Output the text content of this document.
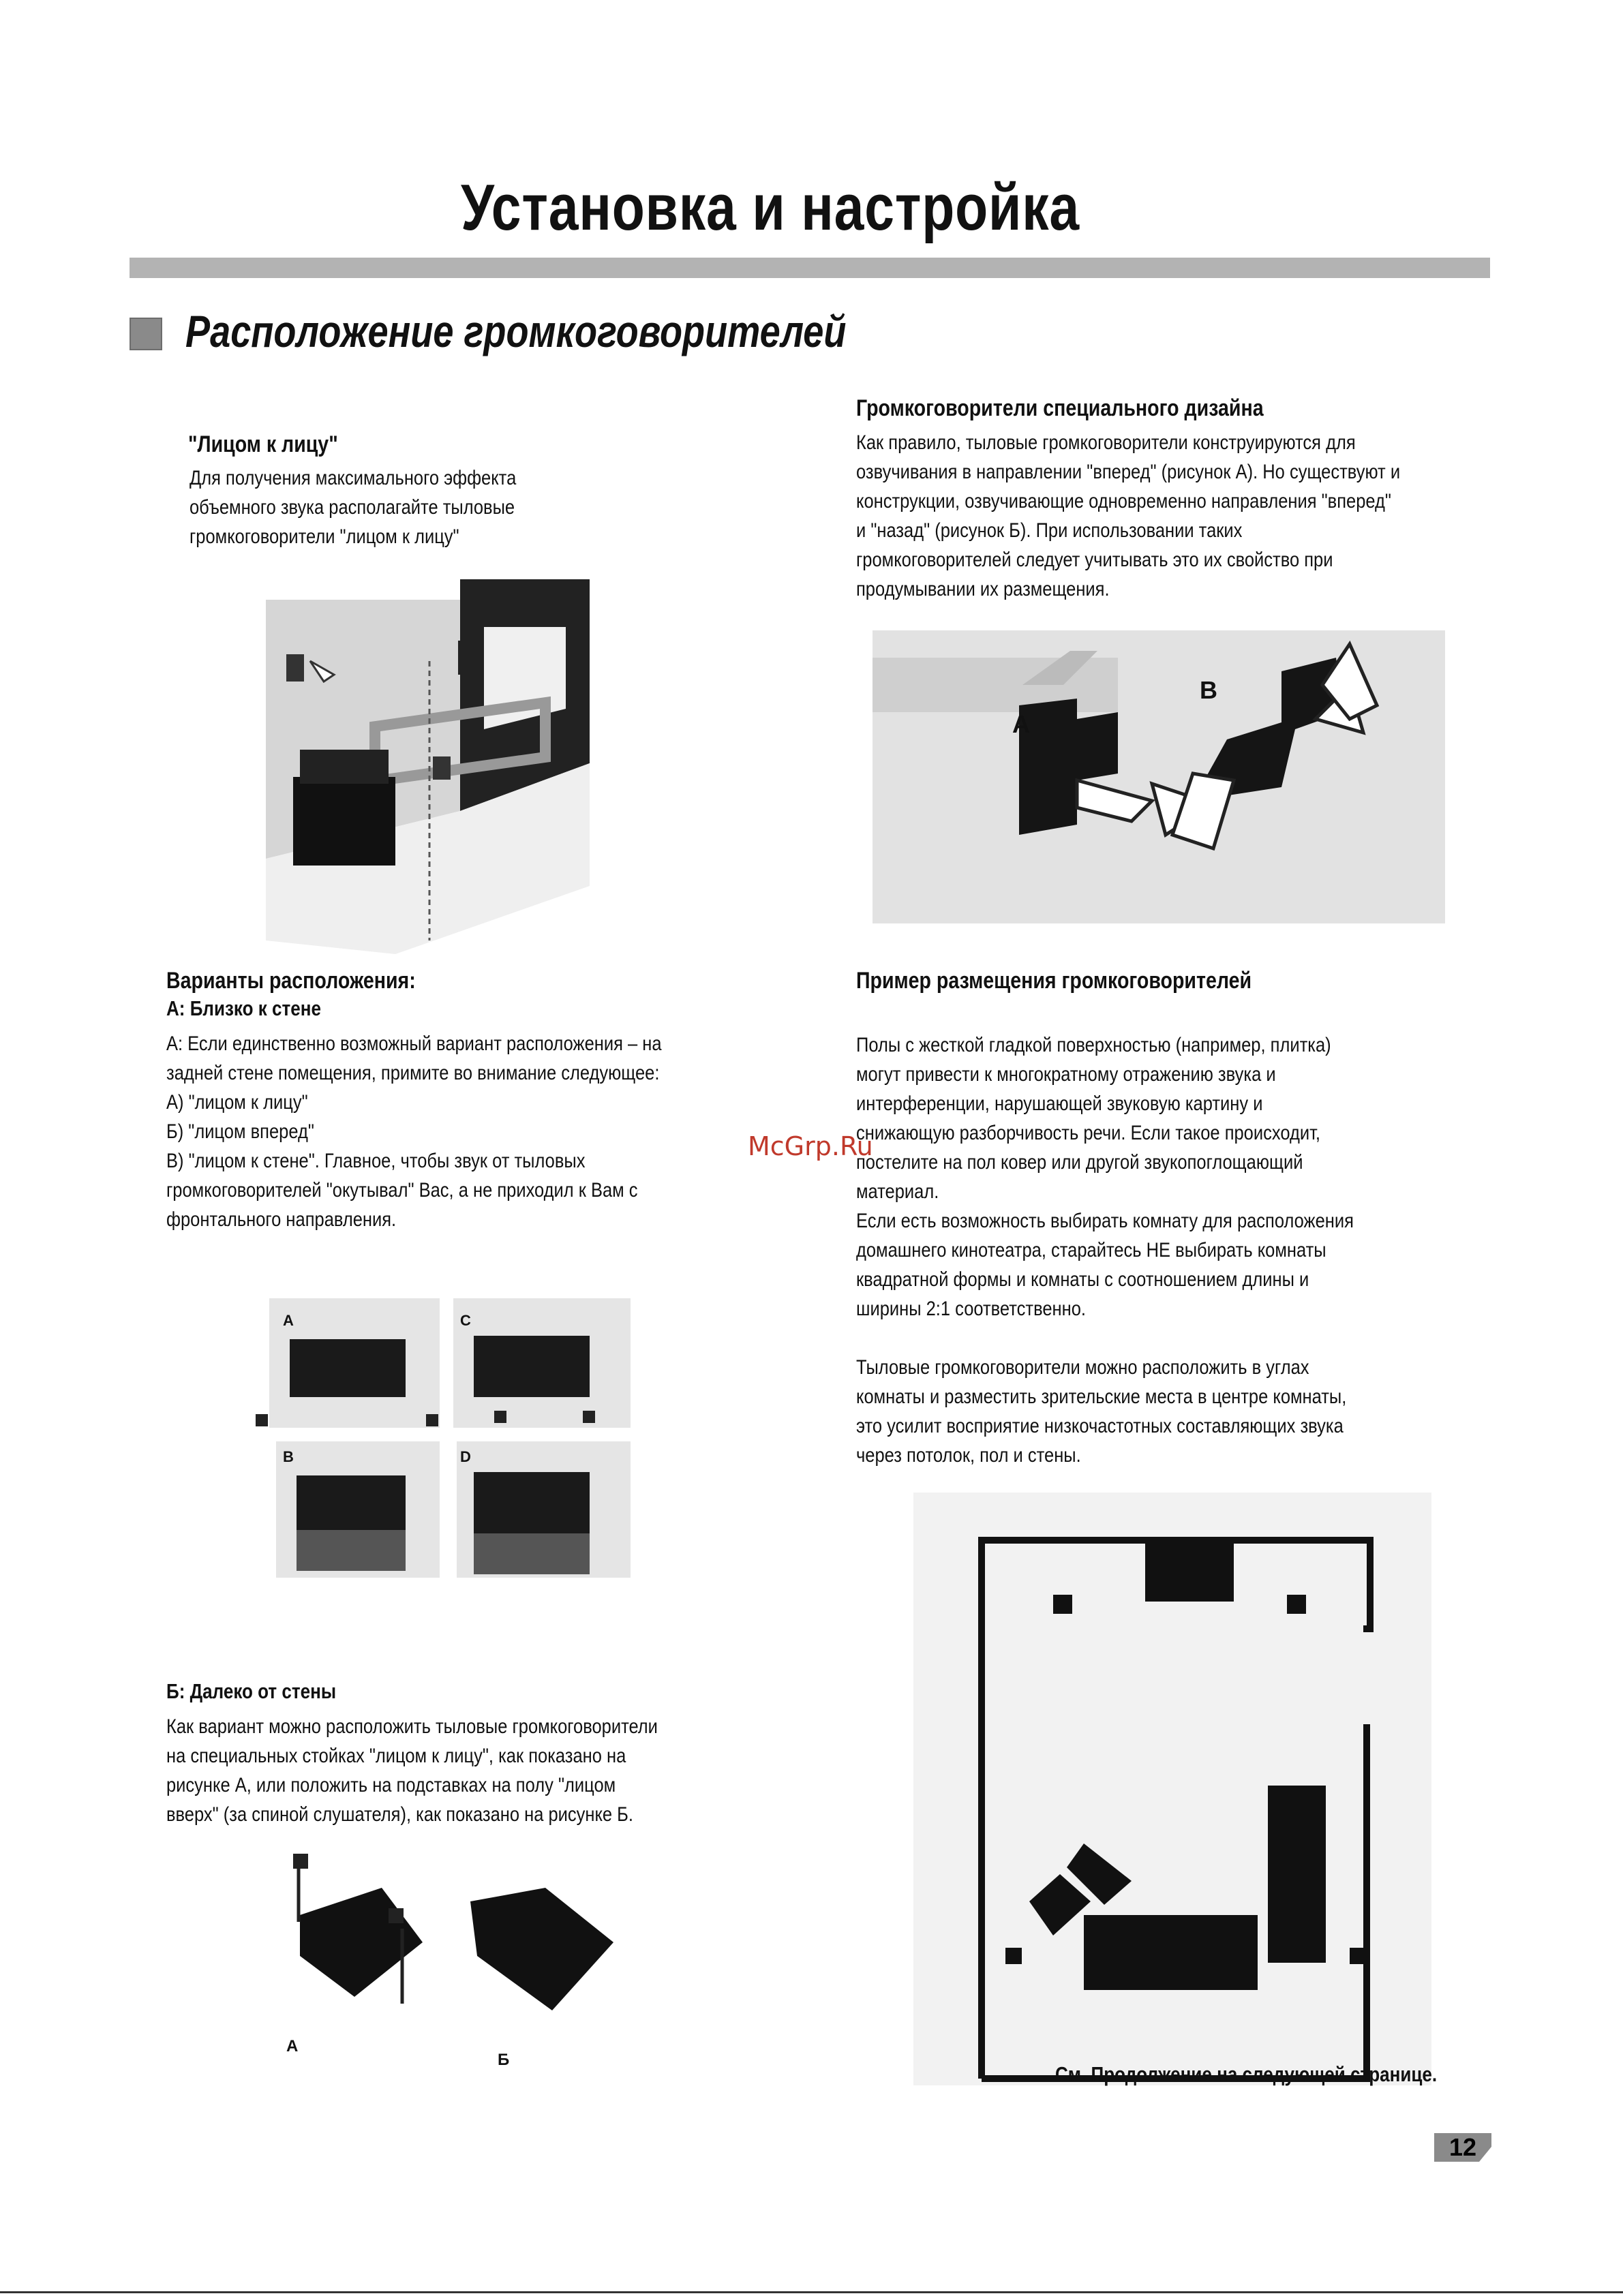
Установка и настройка
Расположение громкоговорителей
"Лицом к лицу"
Для получения максимального эффекта
объемного звука располагайте тыловые
громкоговорители "лицом к лицу"
Громкоговорители специального дизайна
Как правило, тыловые громкоговорители конструируются для
озвучивания в направлении "вперед" (рисунок А). Но существуют и
конструкции, озвучивающие одновременно направления "вперед"
и "назад" (рисунок Б). При использовании таких
громкоговорителей следует учитывать это их свойство при
продумывании их размещения.
A
B
Варианты расположения:
А: Близко к стене
А: Если единственно возможный вариант расположения – на
задней стене помещения, примите во внимание следующее:
А) "лицом к лицу"
Б) "лицом вперед"
В) "лицом к стене". Главное, чтобы звук от тыловых
громкоговорителей "окутывал" Вас, а не приходил к Вам с
фронтального направления.
A	C
B	D
Б: Далеко от стены
Как вариант можно расположить тыловые громкоговорители
на специальных стойках "лицом к лицу", как показано на
рисунке А, или положить на подставках на полу "лицом
вверх" (за спиной слушателя), как показано на рисунке Б.
A
Б
Пример размещения громкоговорителей
Полы с жесткой гладкой поверхностью (например, плитка)
могут привести к многократному отражению звука и
интерференции, нарушающей звуковую картину и
снижающую разборчивость речи. Если такое происходит,
постелите на пол ковер или другой звукопоглощающий
материал.
Если есть возможность выбирать комнату для расположения
домашнего кинотеатра, старайтесь НЕ выбирать комнаты
квадратной формы и комнаты с соотношением длины и
ширины 2:1 соответственно.

Тыловые громкоговорители можно расположить в углах
комнаты и разместить зрительские места в центре комнаты,
это усилит восприятие низкочастотных составляющих звука
через потолок, пол и стены.
McGrp.Ru
См. Продолжение на следующей странице.
12
